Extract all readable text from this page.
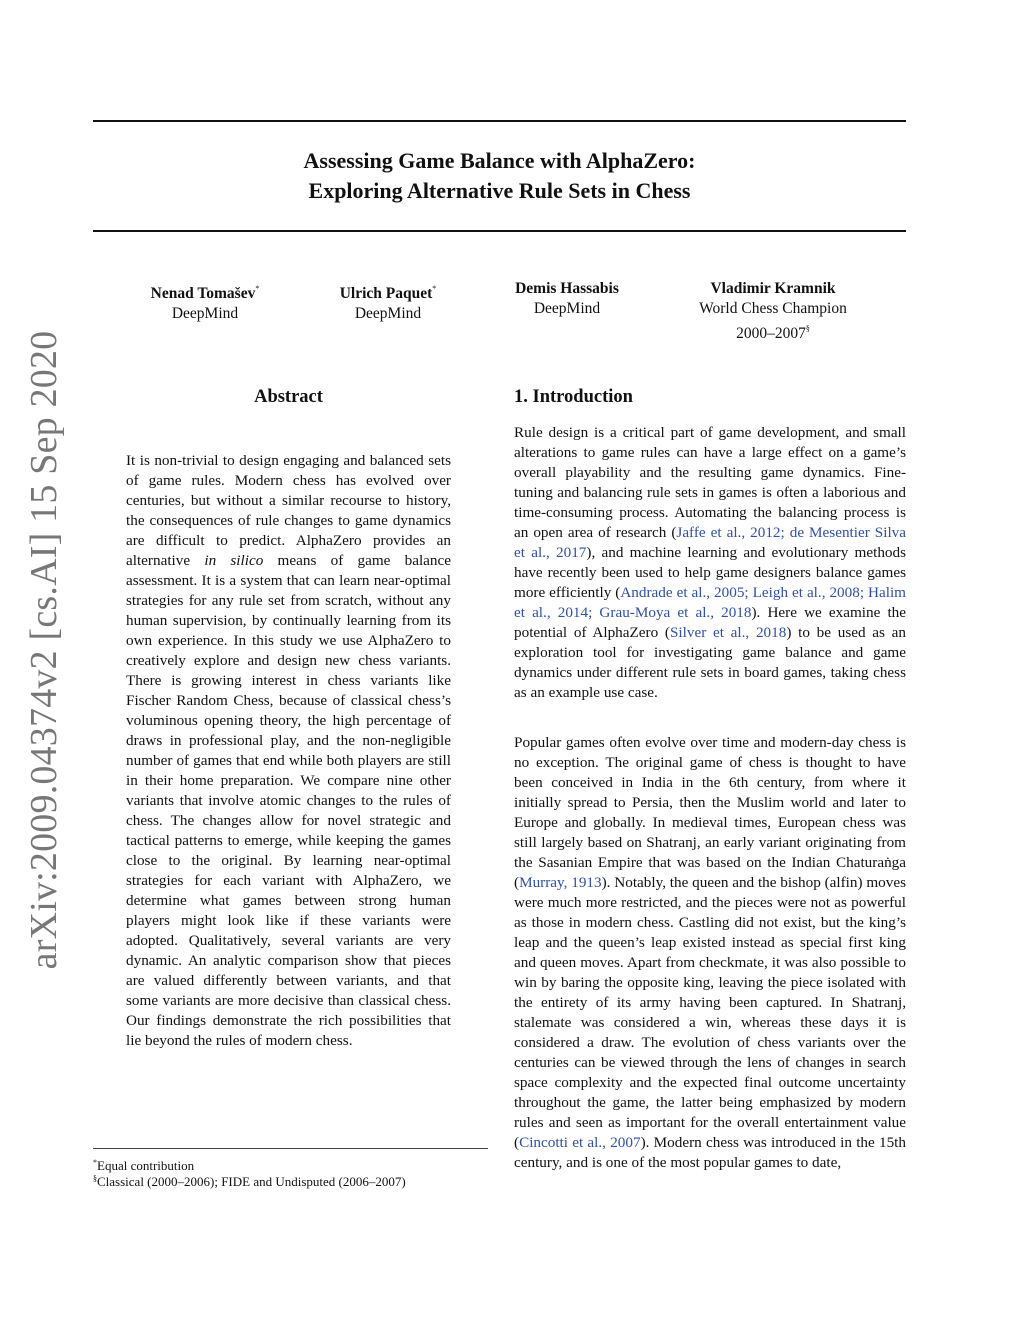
arXiv:2009.04374v2 [cs.AI] 15 Sep 2020
Assessing Game Balance with AlphaZero:
Exploring Alternative Rule Sets in Chess
Nenad Tomašev*
DeepMind
Ulrich Paquet*
DeepMind
Demis Hassabis
DeepMind
Vladimir Kramnik
World Chess Champion
2000–2007§
Abstract

It is non-trivial to design engaging and balanced sets of game rules. Modern chess has evolved over centuries, but without a similar recourse to history, the consequences of rule changes to game dynamics are difficult to predict. AlphaZero provides an alternative in silico means of game balance assessment. It is a system that can learn near-optimal strategies for any rule set from scratch, without any human supervision, by continually learning from its own experience. In this study we use AlphaZero to creatively explore and design new chess variants. There is growing interest in chess variants like Fischer Random Chess, because of classical chess’s voluminous opening theory, the high percentage of draws in professional play, and the non-negligible number of games that end while both players are still in their home preparation. We compare nine other variants that involve atomic changes to the rules of chess. The changes allow for novel strategic and tactical patterns to emerge, while keeping the games close to the original. By learning near-optimal strategies for each variant with AlphaZero, we determine what games between strong human players might look like if these variants were adopted. Qualitatively, several variants are very dynamic. An analytic comparison show that pieces are valued differently between variants, and that some variants are more decisive than classical chess. Our findings demonstrate the rich possibilities that lie beyond the rules of modern chess.

1. Introduction

Rule design is a critical part of game development, and small alterations to game rules can have a large effect on a game’s overall playability and the resulting game dynamics. Fine-tuning and balancing rule sets in games is often a laborious and time-consuming process. Automating the balancing process is an open area of research (Jaffe et al., 2012; de Mesentier Silva et al., 2017), and machine learning and evolutionary methods have recently been used to help game designers balance games more efficiently (Andrade et al., 2005; Leigh et al., 2008; Halim et al., 2014; Grau-Moya et al., 2018). Here we examine the potential of AlphaZero (Silver et al., 2018) to be used as an exploration tool for investigating game balance and game dynamics under different rule sets in board games, taking chess as an example use case.

Popular games often evolve over time and modern-day chess is no exception. The original game of chess is thought to have been conceived in India in the 6th century, from where it initially spread to Persia, then the Muslim world and later to Europe and globally. In medieval times, European chess was still largely based on Shatranj, an early variant originating from the Sasanian Empire that was based on the Indian Chaturaṅga (Murray, 1913). Notably, the queen and the bishop (alfin) moves were much more restricted, and the pieces were not as powerful as those in modern chess. Castling did not exist, but the king’s leap and the queen’s leap existed instead as special first king and queen moves. Apart from checkmate, it was also possible to win by baring the opposite king, leaving the piece isolated with the entirety of its army having been captured. In Shatranj, stalemate was considered a win, whereas these days it is considered a draw. The evolution of chess variants over the centuries can be viewed through the lens of changes in search space complexity and the expected final outcome uncertainty throughout the game, the latter being emphasized by modern rules and seen as important for the overall entertainment value (Cincotti et al., 2007). Modern chess was introduced in the 15th century, and is one of the most popular games to date,

*Equal contribution
§Classical (2000–2006); FIDE and Undisputed (2006–2007)
